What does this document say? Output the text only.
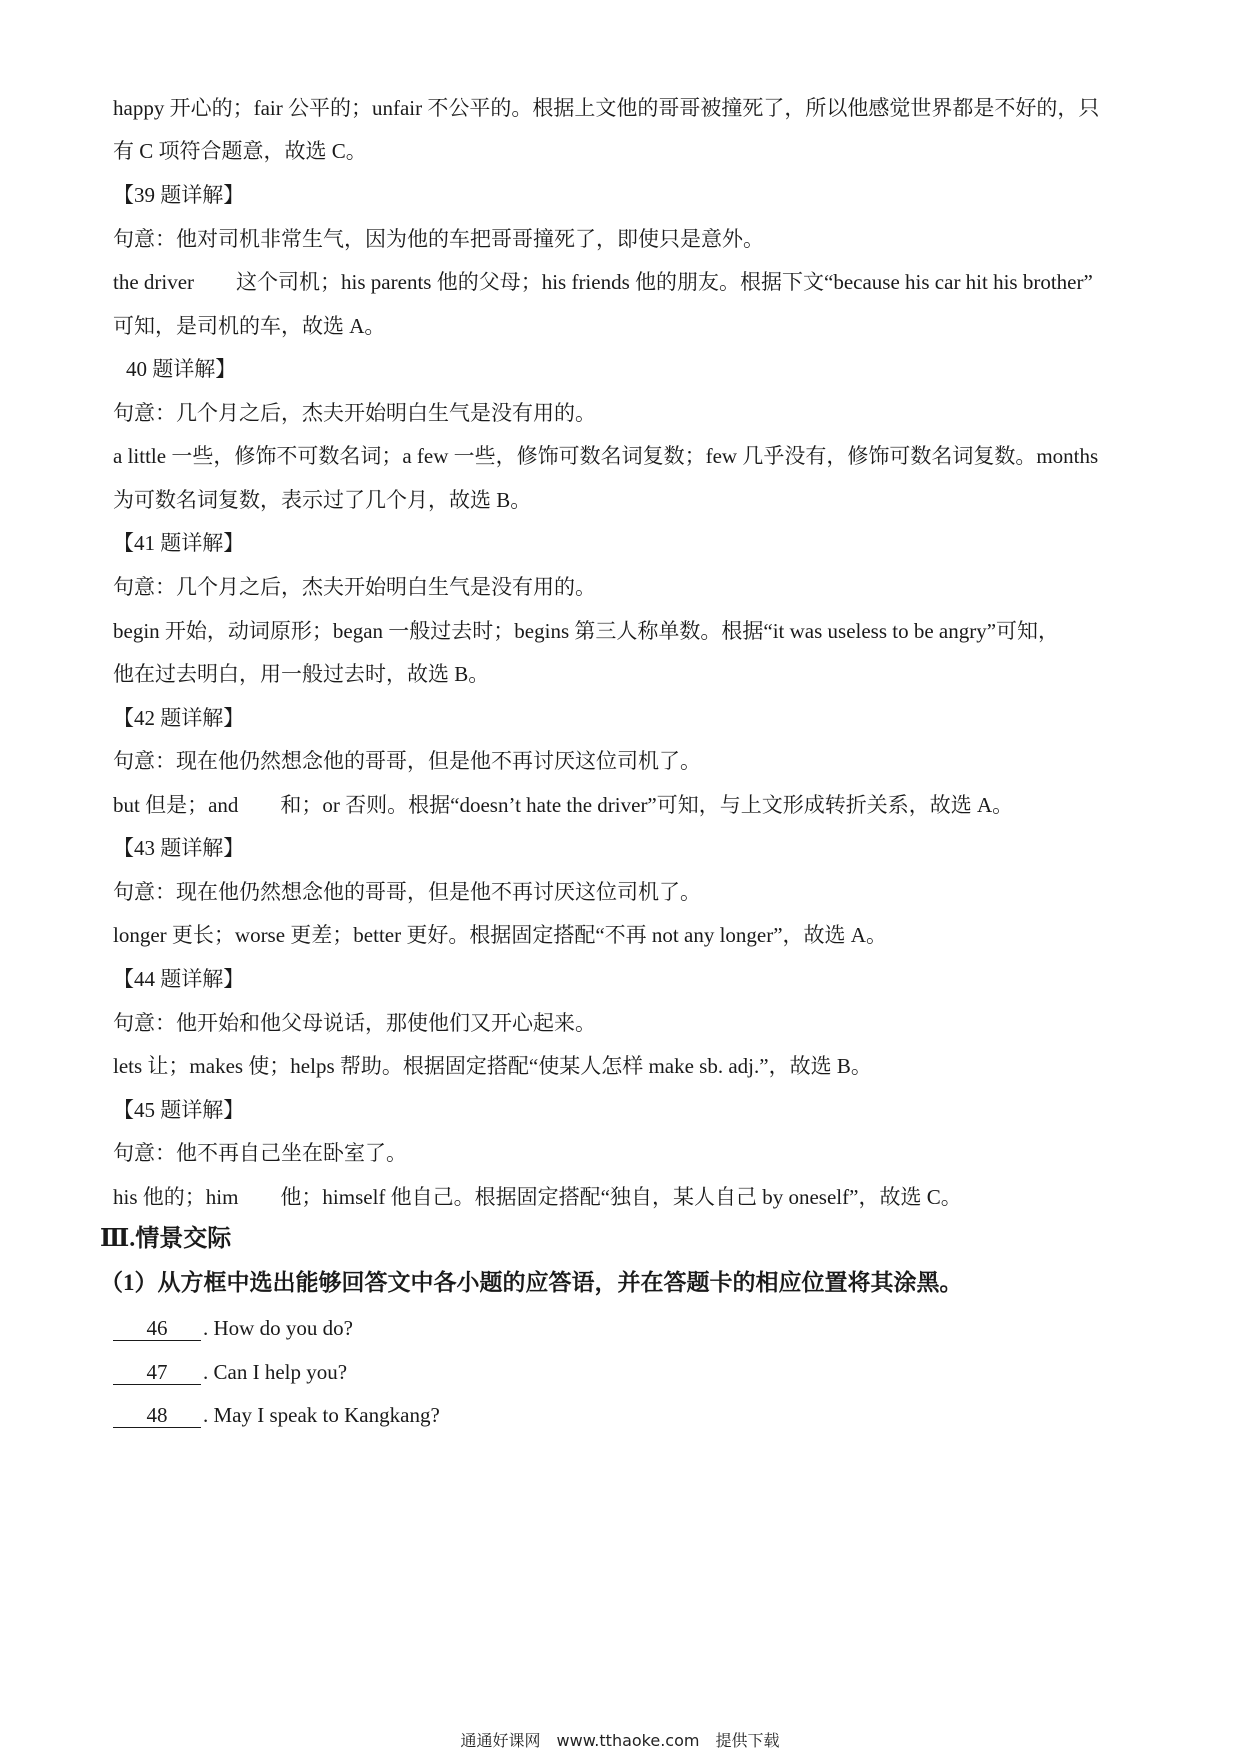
happy 开心的；fair 公平的；unfair 不公平的。根据上文他的哥哥被撞死了，所以他感觉世界都是不好的，只
有 C 项符合题意，故选 C。
【39 题详解】
句意：他对司机非常生气，因为他的车把哥哥撞死了，即使只是意外。
the driver　　这个司机；his parents 他的父母；his friends 他的朋友。根据下文“because his car hit his brother”
可知，是司机的车，故选 A。
40 题详解】
句意：几个月之后，杰夫开始明白生气是没有用的。
a little 一些，修饰不可数名词；a few 一些，修饰可数名词复数；few 几乎没有，修饰可数名词复数。months
为可数名词复数，表示过了几个月，故选 B。
【41 题详解】
句意：几个月之后，杰夫开始明白生气是没有用的。
begin 开始，动词原形；began 一般过去时；begins 第三人称单数。根据“it was useless to be angry”可知，
他在过去明白，用一般过去时，故选 B。
【42 题详解】
句意：现在他仍然想念他的哥哥，但是他不再讨厌这位司机了。
but 但是；and　　和；or 否则。根据“doesn’t hate the driver”可知，与上文形成转折关系，故选 A。
【43 题详解】
句意：现在他仍然想念他的哥哥，但是他不再讨厌这位司机了。
longer 更长；worse 更差；better 更好。根据固定搭配“不再 not any longer”，故选 A。
【44 题详解】
句意：他开始和他父母说话，那使他们又开心起来。
lets 让；makes 使；helps 帮助。根据固定搭配“使某人怎样 make sb. adj.”，故选 B。
【45 题详解】
句意：他不再自己坐在卧室了。
his 他的；him　　他；himself 他自己。根据固定搭配“独自，某人自己 by oneself”，故选 C。
Ⅲ.情景交际
（1）从方框中选出能够回答文中各小题的应答语，并在答题卡的相应位置将其涂黑。
46 . How do you do?
47 . Can I help you?
48 . May I speak to Kangkang?
通通好课网　www.tthaoke.com　提供下载
